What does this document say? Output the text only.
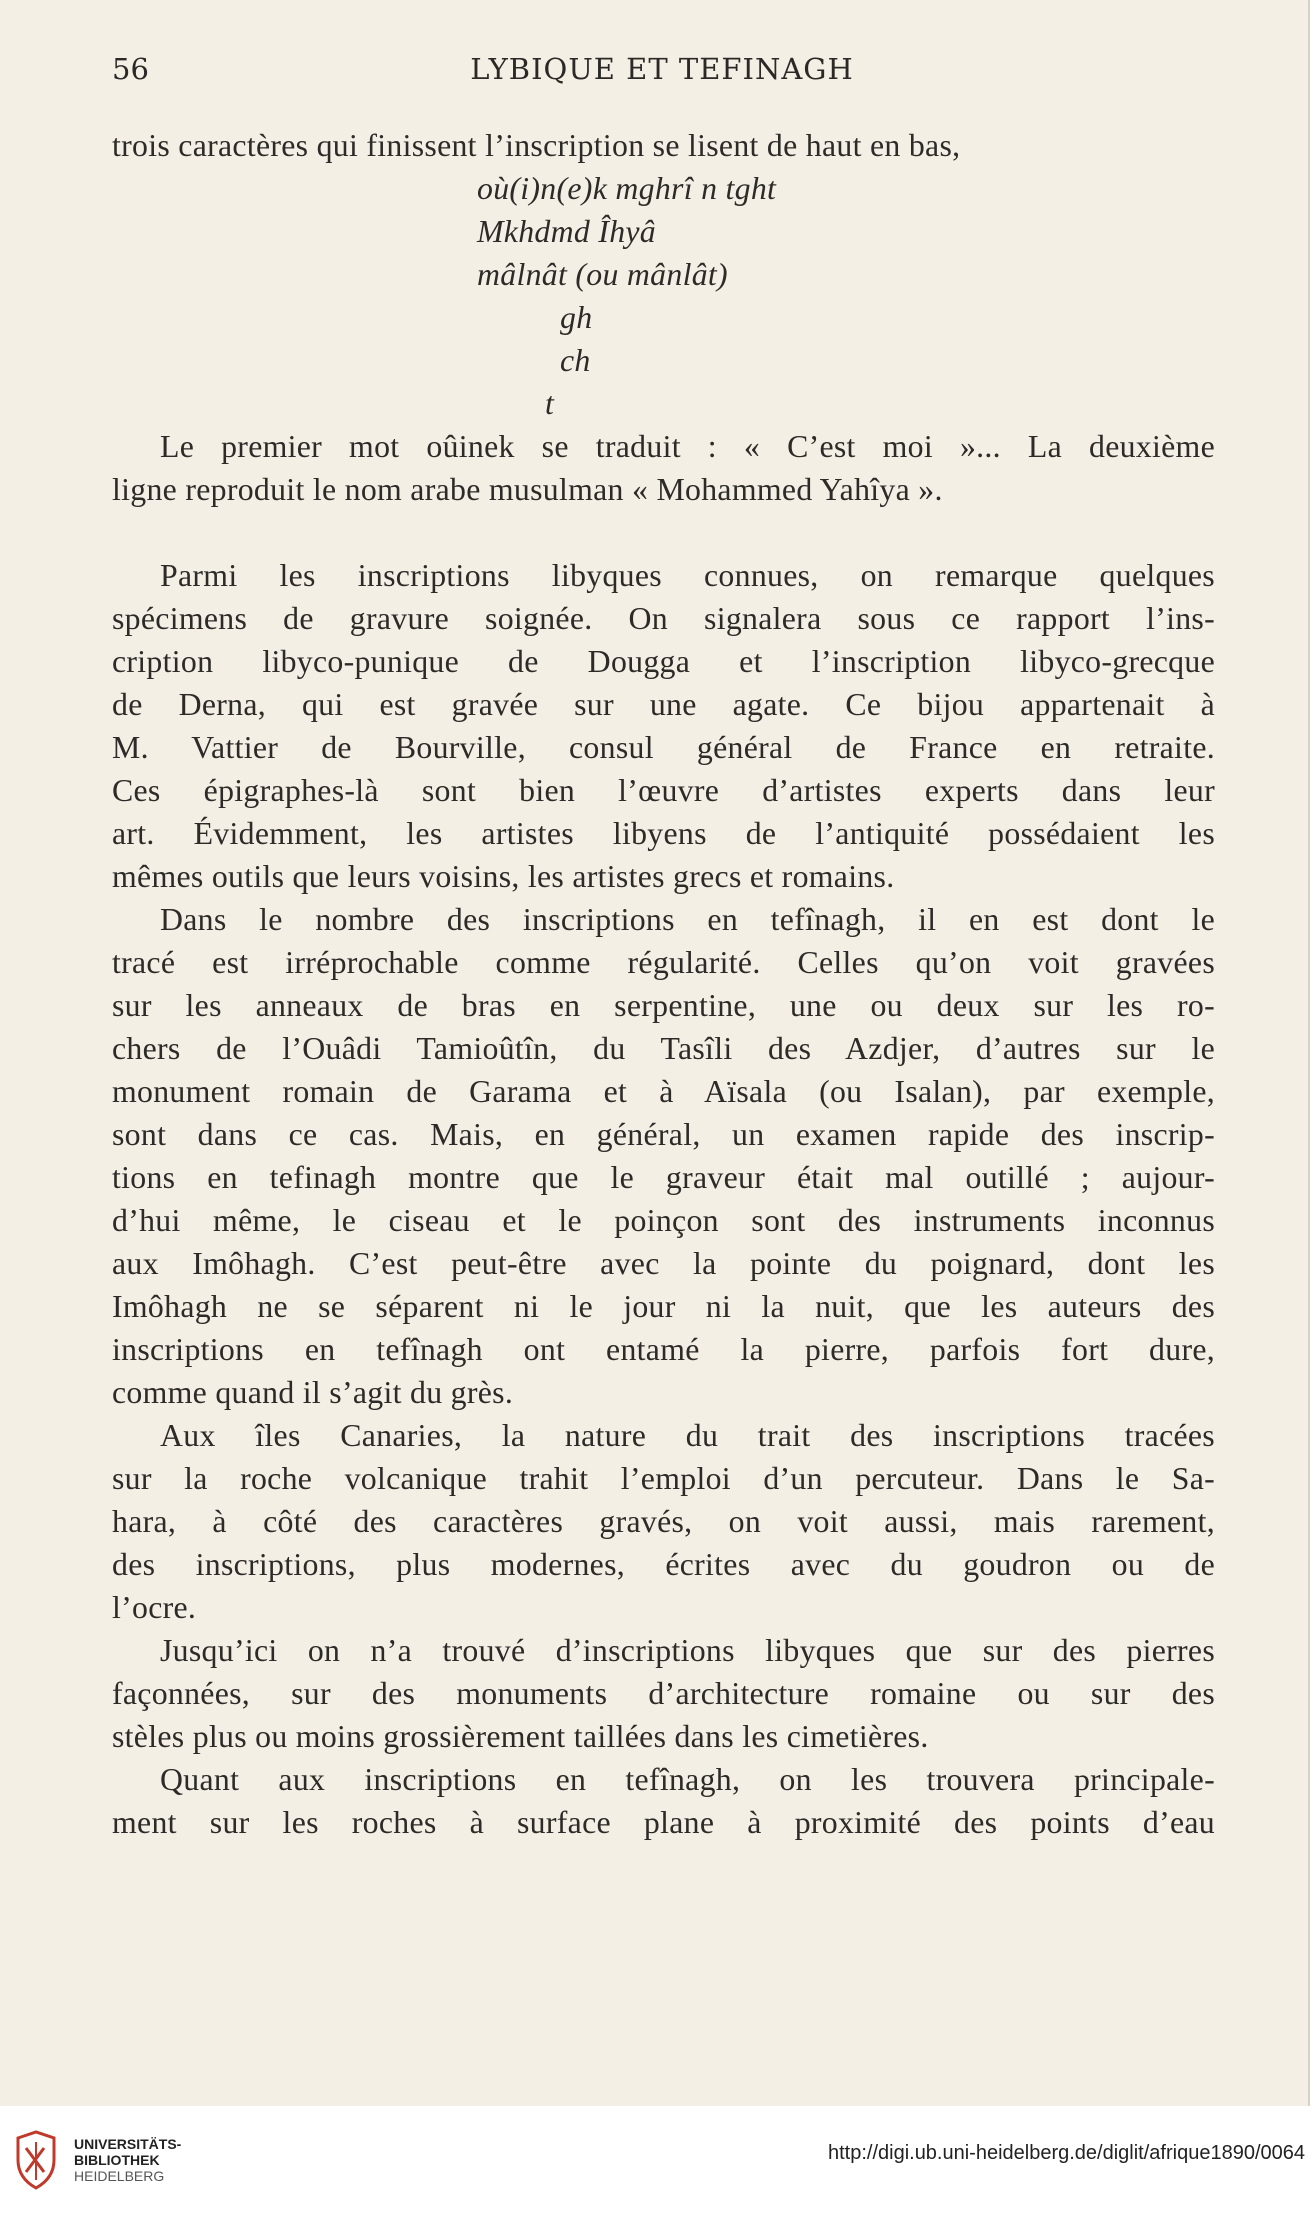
56	LYBIQUE ET TEFINAGH
trois caractères qui finissent l’inscription se lisent de haut en bas,
où(i)n(e)k mghrî n tght
Mkhdmd Îhyâ
mâlnât (ou mânlât)
gh
ch
t
Le premier mot oûinek se traduit : « C’est moi »... La deuxième
ligne reproduit le nom arabe musulman « Mohammed Yahîya ».
Parmi les inscriptions libyques connues, on remarque quelques
spécimens de gravure soignée. On signalera sous ce rapport l’ins-
cription libyco-punique de Dougga et l’inscription libyco-grecque
de Derna, qui est gravée sur une agate. Ce bijou appartenait à
M. Vattier de Bourville, consul général de France en retraite.
Ces épigraphes-là sont bien l’œuvre d’artistes experts dans leur
art. Évidemment, les artistes libyens de l’antiquité possédaient les
mêmes outils que leurs voisins, les artistes grecs et romains.
Dans le nombre des inscriptions en tefînagh, il en est dont le
tracé est irréprochable comme régularité. Celles qu’on voit gravées
sur les anneaux de bras en serpentine, une ou deux sur les ro-
chers de l’Ouâdi Tamioûtîn, du Tasîli des Azdjer, d’autres sur le
monument romain de Garama et à Aïsala (ou Isalan), par exemple,
sont dans ce cas. Mais, en général, un examen rapide des inscrip-
tions en tefinagh montre que le graveur était mal outillé ; aujour-
d’hui même, le ciseau et le poinçon sont des instruments inconnus
aux Imôhagh. C’est peut-être avec la pointe du poignard, dont les
Imôhagh ne se séparent ni le jour ni la nuit, que les auteurs des
inscriptions en tefînagh ont entamé la pierre, parfois fort dure,
comme quand il s’agit du grès.
Aux îles Canaries, la nature du trait des inscriptions tracées
sur la roche volcanique trahit l’emploi d’un percuteur. Dans le Sa-
hara, à côté des caractères gravés, on voit aussi, mais rarement,
des inscriptions, plus modernes, écrites avec du goudron ou de
l’ocre.
Jusqu’ici on n’a trouvé d’inscriptions libyques que sur des pierres
façonnées, sur des monuments d’architecture romaine ou sur des
stèles plus ou moins grossièrement taillées dans les cimetières.
Quant aux inscriptions en tefînagh, on les trouvera principale-
ment sur les roches à surface plane à proximité des points d’eau
UNIVERSITÄTS-
BIBLIOTHEK
HEIDELBERG
http://digi.ub.uni-heidelberg.de/diglit/afrique1890/0064
